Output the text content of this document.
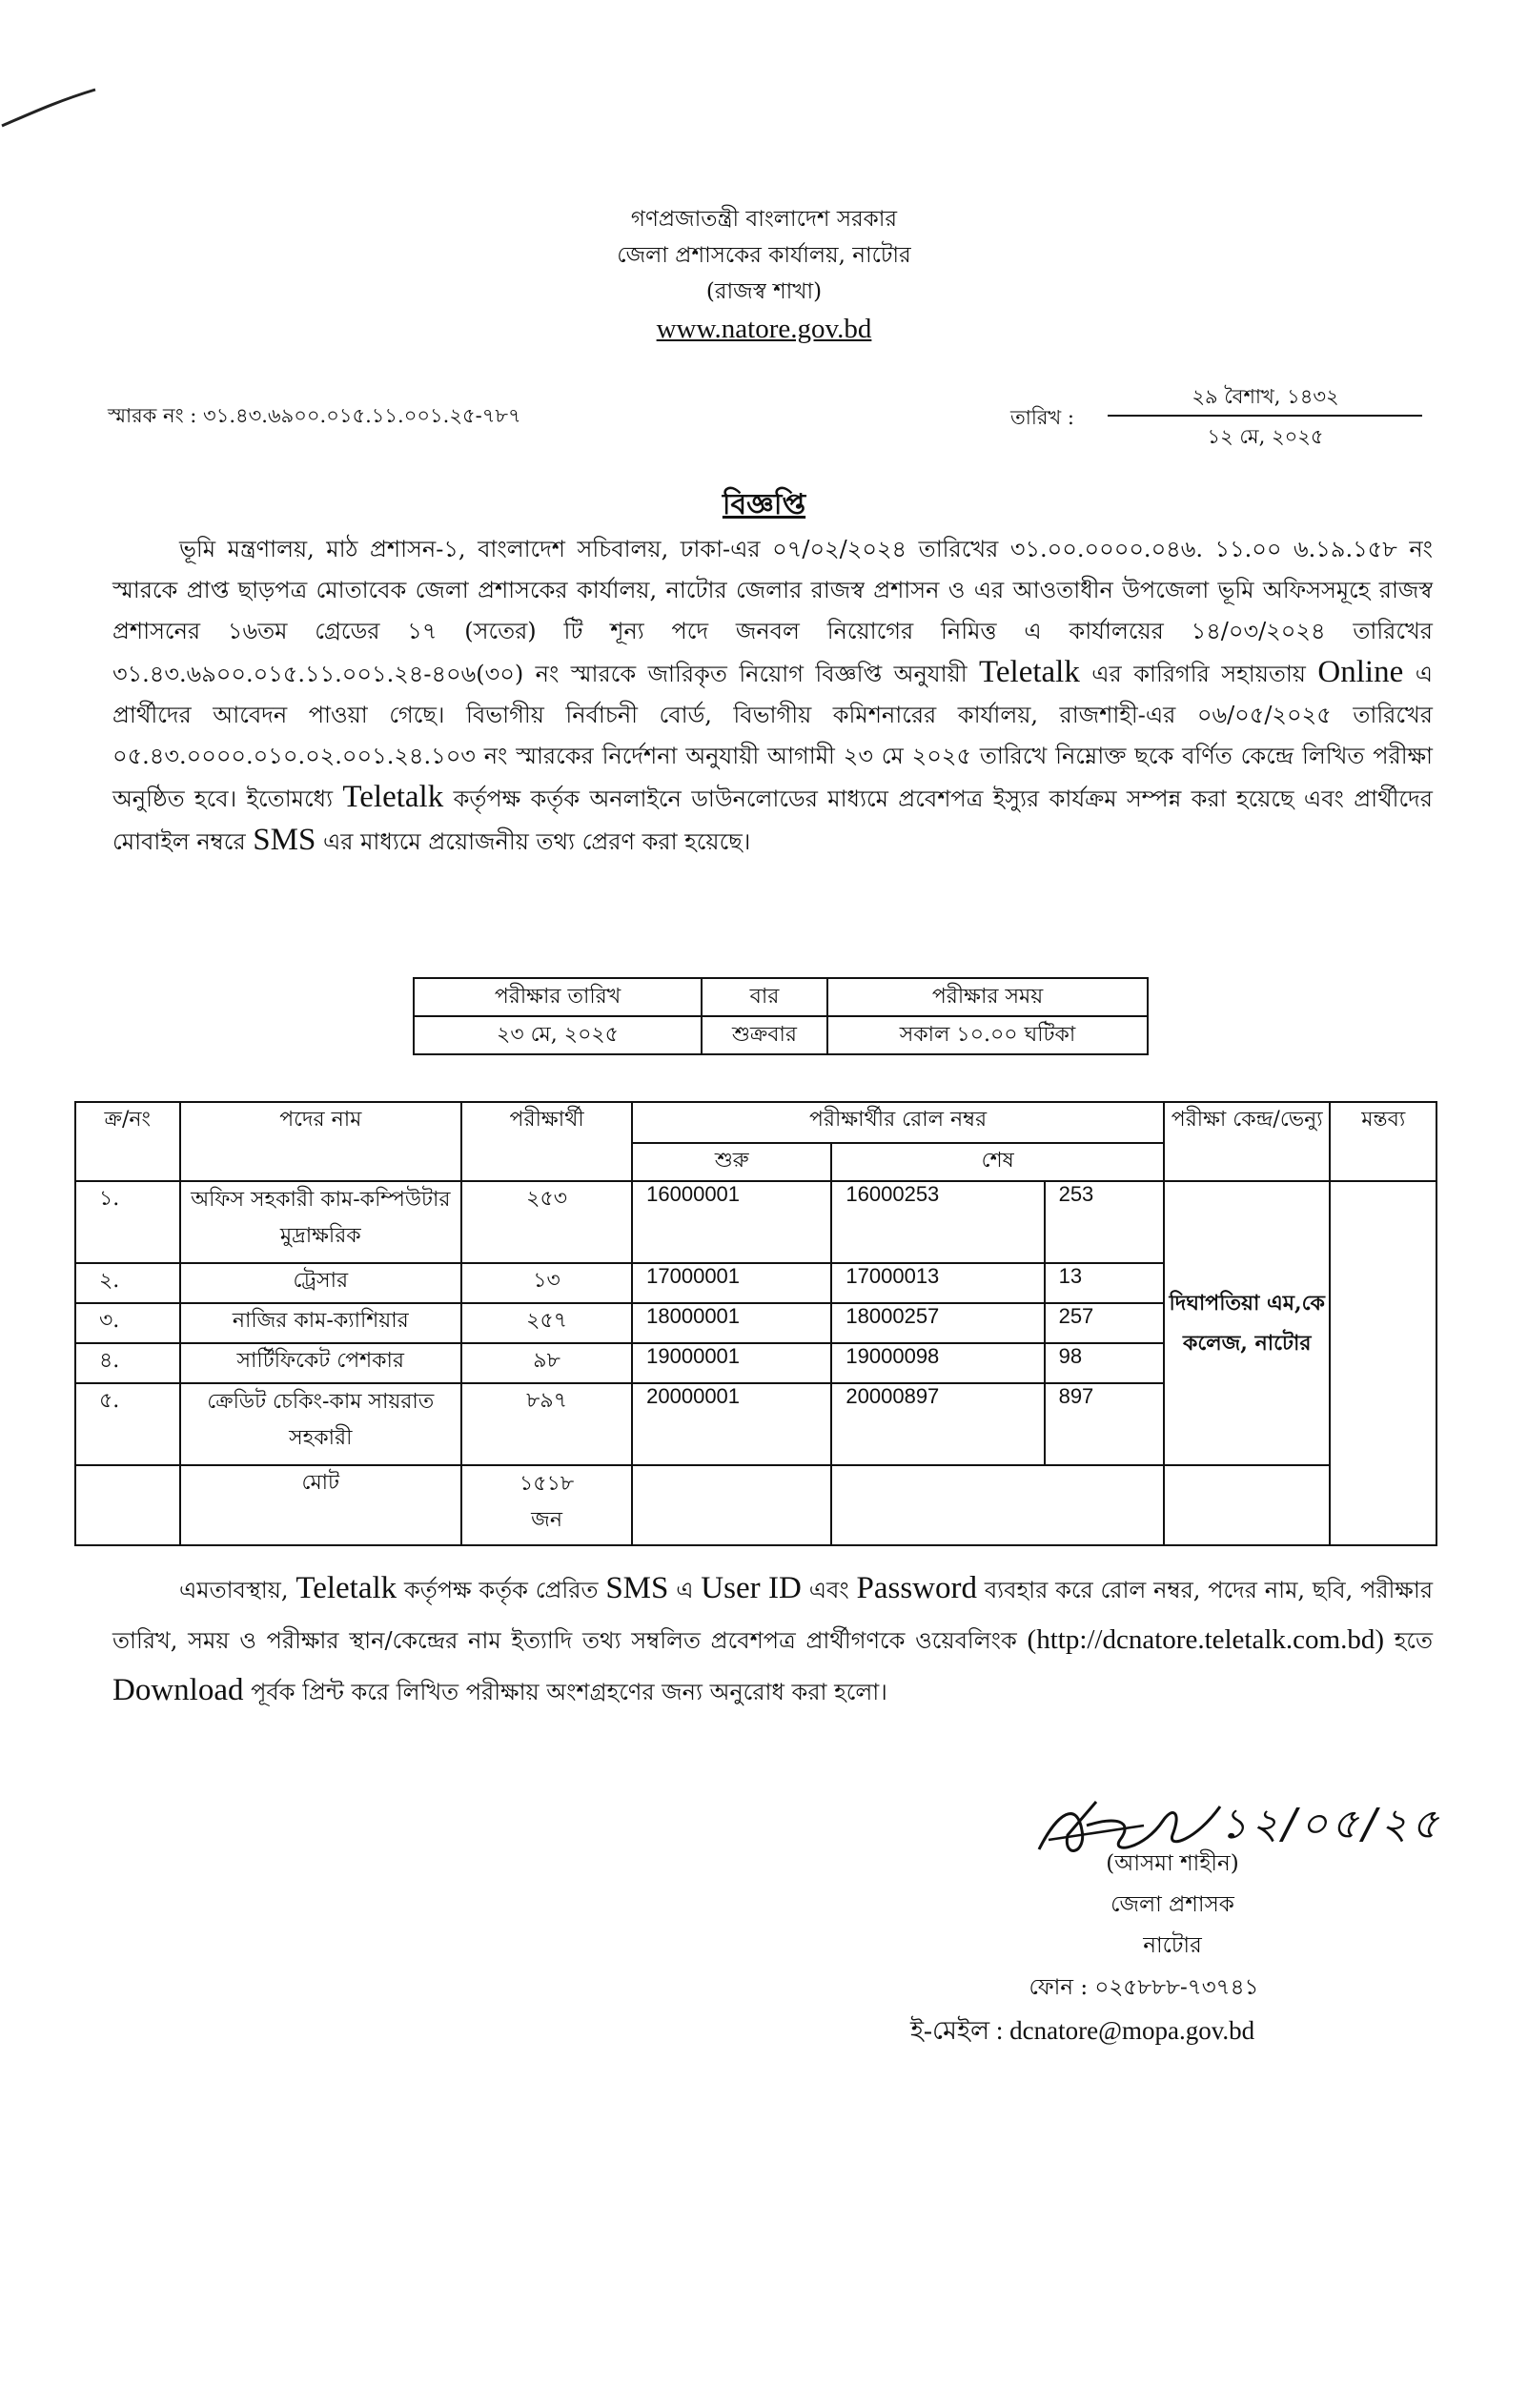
গণপ্রজাতন্ত্রী বাংলাদেশ সরকার
জেলা প্রশাসকের কার্যালয়, নাটোর
(রাজস্ব শাখা)
www.natore.gov.bd
স্মারক নং : ৩১.৪৩.৬৯০০.০১৫.১১.০০১.২৫-৭৮৭	তারিখ :
২৯ বৈশাখ, ১৪৩২
১২ মে, ২০২৫
বিজ্ঞপ্তি
ভূমি মন্ত্রণালয়, মাঠ প্রশাসন-১, বাংলাদেশ সচিবালয়, ঢাকা-এর ০৭/০২/২০২৪ তারিখের ৩১.০০.০০০০.০৪৬. ১১.০০ ৬.১৯.১৫৮ নং স্মারকে প্রাপ্ত ছাড়পত্র মোতাবেক জেলা প্রশাসকের কার্যালয়, নাটোর জেলার রাজস্ব প্রশাসন ও এর আওতাধীন উপজেলা ভূমি অফিসসমূহে রাজস্ব প্রশাসনের ১৬তম গ্রেডের ১৭ (সতের) টি শূন্য পদে জনবল নিয়োগের নিমিত্ত এ কার্যালয়ের ১৪/০৩/২০২৪ তারিখের ৩১.৪৩.৬৯০০.০১৫.১১.০০১.২৪-৪০৬(৩০) নং স্মারকে জারিকৃত নিয়োগ বিজ্ঞপ্তি অনুযায়ী Teletalk এর কারিগরি সহায়তায় Online এ প্রার্থীদের আবেদন পাওয়া গেছে। বিভাগীয় নির্বাচনী বোর্ড, বিভাগীয় কমিশনারের কার্যালয়, রাজশাহী-এর ০৬/০৫/২০২৫ তারিখের ০৫.৪৩.০০০০.০১০.০২.০০১.২৪.১০৩ নং স্মারকের নির্দেশনা অনুযায়ী আগামী ২৩ মে ২০২৫ তারিখে নিম্নোক্ত ছকে বর্ণিত কেন্দ্রে লিখিত পরীক্ষা অনুষ্ঠিত হবে। ইতোমধ্যে Teletalk কর্তৃপক্ষ কর্তৃক অনলাইনে ডাউনলোডের মাধ্যমে প্রবেশপত্র ইস্যুর কার্যক্রম সম্পন্ন করা হয়েছে এবং প্রার্থীদের মোবাইল নম্বরে SMS এর মাধ্যমে প্রয়োজনীয় তথ্য প্রেরণ করা হয়েছে।
পরীক্ষার তারিখ	বার	পরীক্ষার সময়
২৩ মে, ২০২৫	শুক্রবার	সকাল ১০.০০ ঘটিকা
ক্র/নং	পদের নাম	পরীক্ষার্থী	পরীক্ষার্থীর রোল নম্বর			পরীক্ষা কেন্দ্র/ভেন্যু	মন্তব্য
			শুরু	শেষ			
১.	অফিস সহকারী কাম-কম্পিউটার মুদ্রাক্ষরিক	২৫৩	16000001	16000253	253	দিঘাপতিয়া এম,কে কলেজ, নাটোর	
২.	ট্রেসার	১৩	17000001	17000013	13		
৩.	নাজির কাম-ক্যাশিয়ার	২৫৭	18000001	18000257	257		
৪.	সার্টিফিকেট পেশকার	৯৮	19000001	19000098	98		
৫.	ক্রেডিট চেকিং-কাম সায়রাত সহকারী	৮৯৭	20000001	20000897	897		
	মোট	১৫১৮ জন					
এমতাবস্থায়, Teletalk কর্তৃপক্ষ কর্তৃক প্রেরিত SMS এ User ID এবং Password ব্যবহার করে রোল নম্বর, পদের নাম, ছবি, পরীক্ষার তারিখ, সময় ও পরীক্ষার স্থান/কেন্দ্রের নাম ইত্যাদি তথ্য সম্বলিত প্রবেশপত্র প্রার্থীগণকে ওয়েবলিংক (http://dcnatore.teletalk.com.bd) হতে Download পূর্বক প্রিন্ট করে লিখিত পরীক্ষায় অংশগ্রহণের জন্য অনুরোধ করা হলো।
১২/০৫/২৫
(আসমা শাহীন)
জেলা প্রশাসক
নাটোর
ফোন : ০২৫৮৮৮-৭৩৭৪১
ই-মেইল : dcnatore@mopa.gov.bd
